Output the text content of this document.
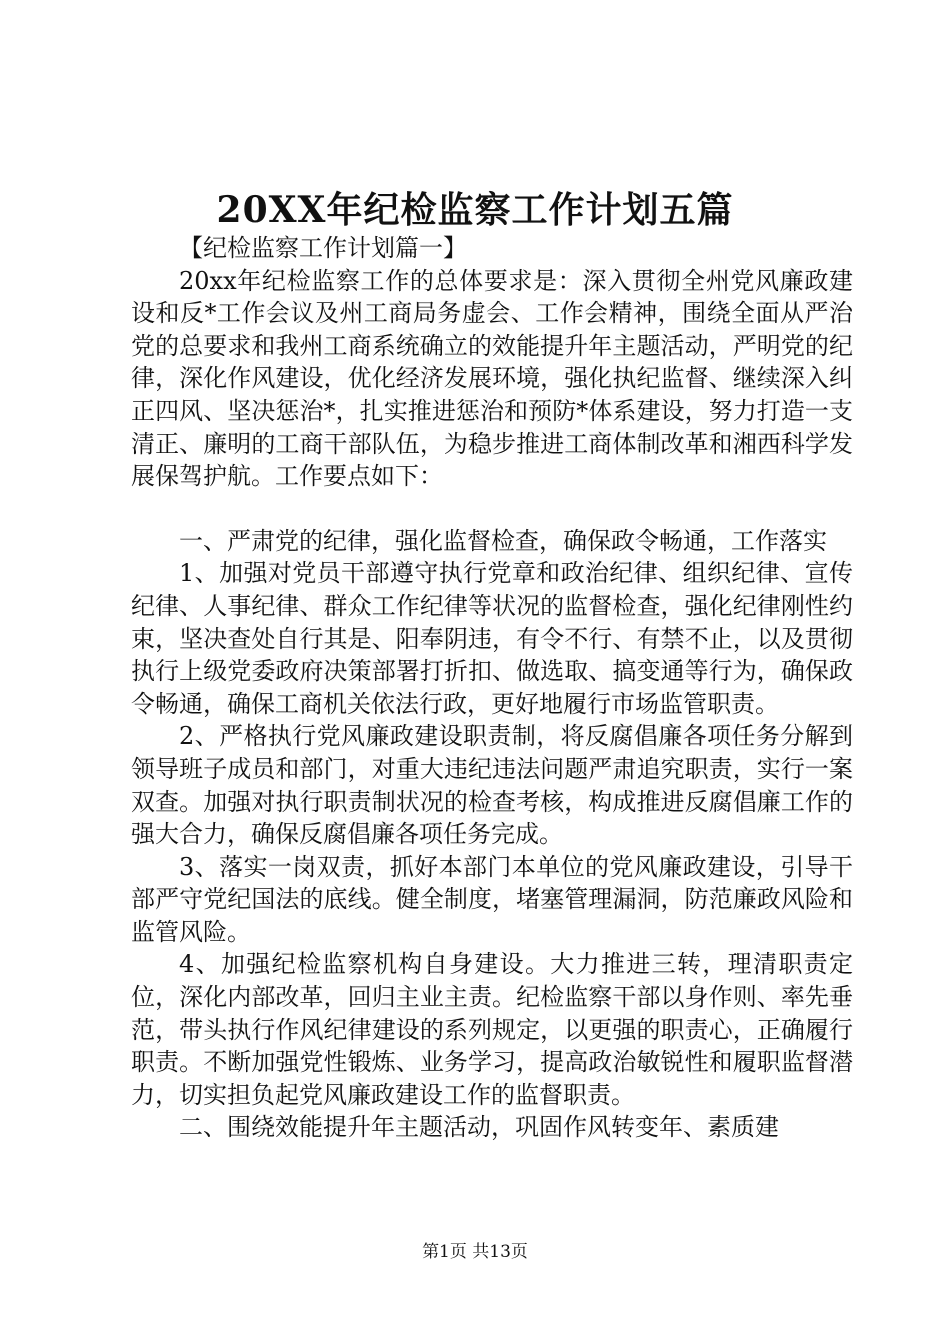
20XX年纪检监察工作计划五篇

【纪检监察工作计划篇一】

20xx年纪检监察工作的总体要求是：深入贯彻全州党风廉政建设和反*工作会议及州工商局务虚会、工作会精神，围绕全面从严治党的总要求和我州工商系统确立的效能提升年主题活动，严明党的纪律，深化作风建设，优化经济发展环境，强化执纪监督、继续深入纠正四风、坚决惩治*，扎实推进惩治和预防*体系建设，努力打造一支清正、廉明的工商干部队伍，为稳步推进工商体制改革和湘西科学发展保驾护航。工作要点如下：

一、严肃党的纪律，强化监督检查，确保政令畅通，工作落实

1、加强对党员干部遵守执行党章和政治纪律、组织纪律、宣传纪律、人事纪律、群众工作纪律等状况的监督检查，强化纪律刚性约束，坚决查处自行其是、阳奉阴违，有令不行、有禁不止，以及贯彻执行上级党委政府决策部署打折扣、做选取、搞变通等行为，确保政令畅通，确保工商机关依法行政，更好地履行市场监管职责。

2、严格执行党风廉政建设职责制，将反腐倡廉各项任务分解到领导班子成员和部门，对重大违纪违法问题严肃追究职责，实行一案双查。加强对执行职责制状况的检查考核，构成推进反腐倡廉工作的强大合力，确保反腐倡廉各项任务完成。

3、落实一岗双责，抓好本部门本单位的党风廉政建设，引导干部严守党纪国法的底线。健全制度，堵塞管理漏洞，防范廉政风险和监管风险。

4、加强纪检监察机构自身建设。大力推进三转，理清职责定位，深化内部改革，回归主业主责。纪检监察干部以身作则、率先垂范，带头执行作风纪律建设的系列规定，以更强的职责心，正确履行职责。不断加强党性锻炼、业务学习，提高政治敏锐性和履职监督潜力，切实担负起党风廉政建设工作的监督职责。

二、围绕效能提升年主题活动，巩固作风转变年、素质建

第1页 共13页
